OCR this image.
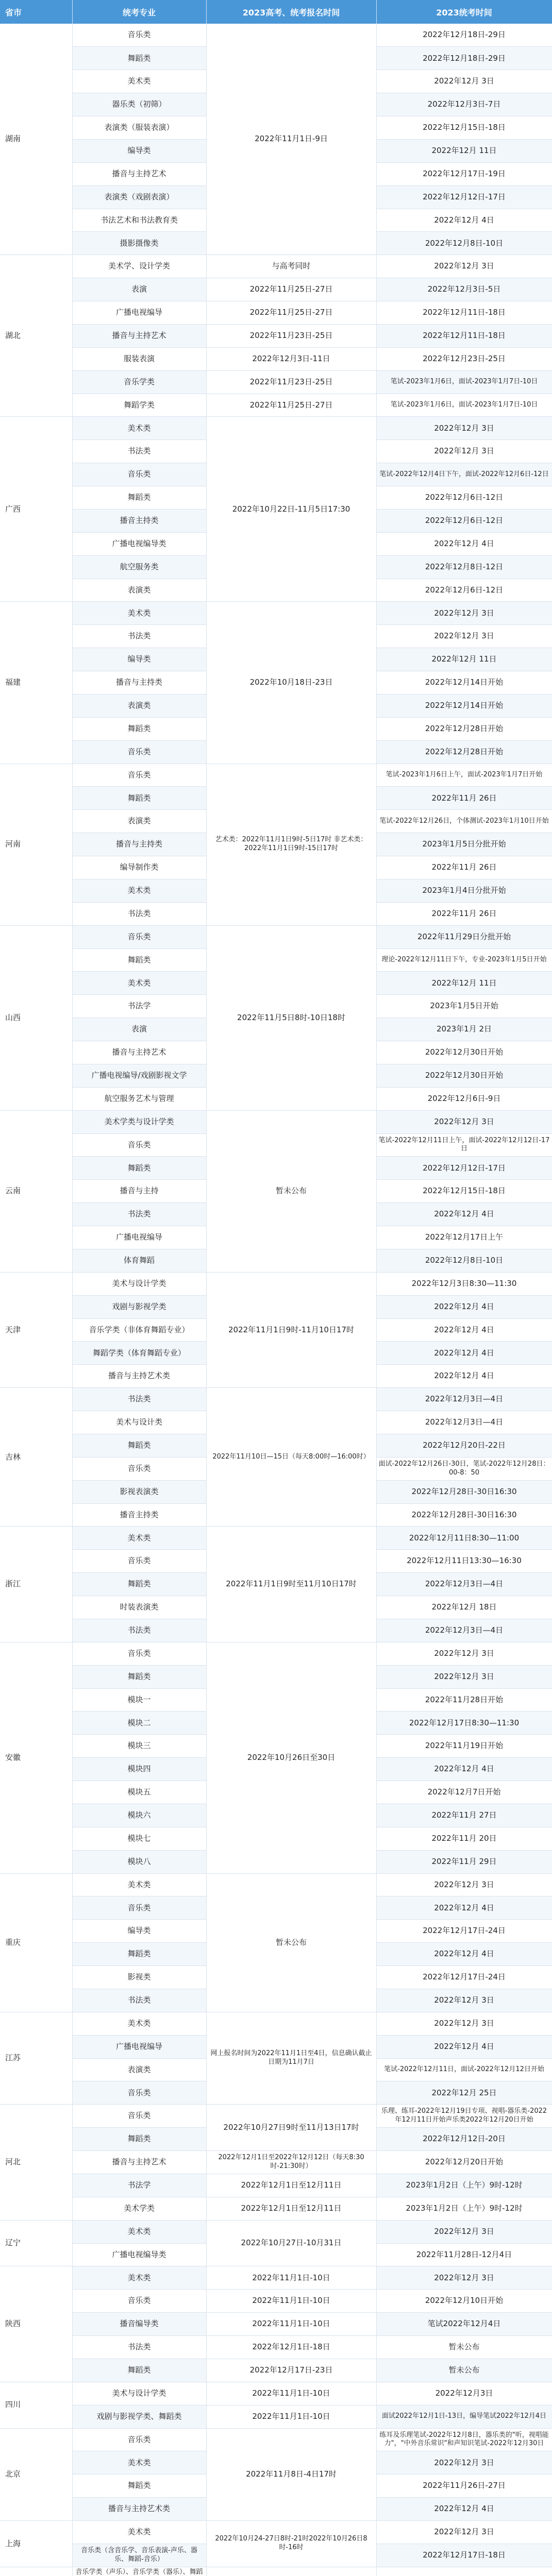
省市	统考专业	2023高考、统考报名时间	2023统考时间
湖南	音乐类	2022年11月1日-9日	2022年12月18日-29日
	舞蹈类		2022年12月18日-29日
	美术类		2022年12月 3日
	器乐类（初筛）		2022年12月3日-7日
	表演类（服装表演）		2022年12月15日-18日
	编导类		2022年12月 11日
	播音与主持艺术		2022年12月17日-19日
	表演类（戏剧表演）		2022年12月12日-17日
	书法艺术和书法教育类		2022年12月 4日
	摄影摄像类		2022年12月8日-10日
湖北	美术学、设计学类	与高考同时	2022年12月 3日
	表演	2022年11月25日-27日	2022年12月3日-5日
	广播电视编导	2022年11月25日-27日	2022年12月11日-18日
	播音与主持艺术	2022年11月23日-25日	2022年12月11日-18日
	服装表演	2022年12月3日-11日	2022年12月23日-25日
	音乐学类	2022年11月23日-25日	笔试-2023年1月6日，面试-2023年1月7日-10日
	舞蹈学类	2022年11月25日-27日	笔试-2023年1月6日，面试-2023年1月7日-10日
广西	美术类	2022年10月22日-11月5日17:30	2022年12月 3日
	书法类		2022年12月 3日
	音乐类		笔试-2022年12月4日下午，面试-2022年12月6日-12日
	舞蹈类		2022年12月6日-12日
	播音主持类		2022年12月6日-12日
	广播电视编导类		2022年12月 4日
	航空服务类		2022年12月8日-12日
	表演类		2022年12月6日-12日
福建	美术类	2022年10月18日-23日	2022年12月 3日
	书法类		2022年12月 3日
	编导类		2022年12月 11日
	播音与主持类		2022年12月14日开始
	表演类		2022年12月14日开始
	舞蹈类		2022年12月28日开始
	音乐类		2022年12月28日开始
河南	音乐类	艺术类：2022年11月1日9时-5日17时 非艺术类：2022年11月1日9时-15日17时	笔试-2023年1月6日上午，面试-2023年1月7日开始
	舞蹈类		2022年11月 26日
	表演类		笔试-2022年12月26日，个体测试-2023年1月10日开始
	播音与主持类		2023年1月5日分批开始
	编导制作类		2022年11月 26日
	美术类		2023年1月4日分批开始
	书法类		2022年11月 26日
山西	音乐类	2022年11月5日8时-10日18时	2022年11月29日分批开始
	舞蹈类		理论-2022年12月11日下午，专业-2023年1月5日开始
	美术类		2022年12月 11日
	书法学		2023年1月5日开始
	表演		2023年1月 2日
	播音与主持艺术		2022年12月30日开始
	广播电视编导/戏剧影视文学		2022年12月30日开始
	航空服务艺术与管理		2022年12月6日-9日
云南	美术学类与设计学类	暂未公布	2022年12月 3日
	音乐类		笔试-2022年12月11日上午，面试-2022年12月12日-17日
	舞蹈类		2022年12月12日-17日
	播音与主持		2022年12月15日-18日
	书法类		2022年12月 4日
	广播电视编导		2022年12月17日上午
	体育舞蹈		2022年12月8日-10日
天津	美术与设计学类	2022年11月1日9时-11月10日17时	2022年12月3日8:30—11:30
	戏剧与影视学类		2022年12月 4日
	音乐学类（非体育舞蹈专业）		2022年12月 4日
	舞蹈学类（体育舞蹈专业）		2022年12月 4日
	播音与主持艺术类		2022年12月 4日
吉林	书法类	2022年11月10日—15日（每天8:00时—16:00时）	2022年12月3日—4日
	美术与设计类		2022年12月3日—4日
	舞蹈类		2022年12月20日-22日
	音乐类		面试-2022年12月26日-30日，笔试-2022年12月28日：00-8：50
	影视表演类		2022年12月28日-30日16:30
	播音主持类		2022年12月28日-30日16:30
浙江	美术类	2022年11月1日9时至11月10日17时	2022年12月11日8:30—11:00
	音乐类		2022年12月11日13:30—16:30
	舞蹈类		2022年12月3日—4日
	时装表演类		2022年12月 18日
	书法类		2022年12月3日—4日
安徽	音乐类	2022年10月26日至30日	2022年12月 3日
	舞蹈类		2022年12月 3日
	模块一		2022年11月28日开始
	模块二		2022年12月17日8:30—11:30
	模块三		2022年11月19日开始
	模块四		2022年12月 4日
	模块五		2022年12月7日开始
	模块六		2022年11月 27日
	模块七		2022年11月 20日
	模块八		2022年11月 29日
重庆	美术类	暂未公布	2022年12月 3日
	音乐类		2022年12月 4日
	编导类		2022年12月17日-24日
	舞蹈类		2022年12月 4日
	影视类		2022年12月17日-24日
	书法类		2022年12月 3日
江苏	美术类	网上报名时间为2022年11月1日至4日，信息确认截止日期为11月7日	2022年12月 3日
	广播电视编导		2022年12月 4日
	表演类		笔试-2022年12月11日，面试-2022年12月12日开始
	音乐类		2022年12月 25日
河北	音乐类	2022年10月27日9时至11月13日17时	乐理、练耳-2022年12月19日专项、视唱-器乐类-2022年12月11日开始声乐类2022年12月20日开始
	舞蹈类		2022年12月12日-20日
	播音与主持艺术	2022年12月1日至2022年12月12日（每天8:30时-21:30时）	2022年12月20日开始
	书法学	2022年12月1日至12月11日	2023年1月2日（上午）9时-12时
	美术学类	2022年12月1日至12月11日	2023年1月2日（上午）9时-12时
辽宁	美术类	2022年10月27日-10月31日	2022年12月 3日
	广播电视编导类		2022年11月28日-12月4日
陕西	美术类	2022年11月1日-10日	2022年12月 3日
	音乐类	2022年11月1日-10日	2022年12月10日开始
	播音编导类	2022年11月1日-10日	笔试2022年12月4日
	书法类	2022年12月1日-18日	暂未公布
	舞蹈类	2022年12月17日-23日	暂未公布
四川	美术与设计学类	2022年11月1日-10日	2022年12月3日
	戏剧与影视学类、舞蹈类	2022年11月1日-10日	面试2022年12月1日-13日，编导笔试2022年12月4日
北京	音乐类	2022年11月8日-4日17时	练耳及乐理笔试-2022年12月8日，器乐类的"听，视唱能力"，"中外音乐常识"和声知识笔试-2022年12月30日
	美术类		2022年12月 3日
	舞蹈类		2022年11月26日-27日
	播音与主持艺术类		2022年12月 4日
上海	美术类	2022年10月24-27日8时-21时2022年10月26日8时-16时	2022年12月 3日
	音乐类（含音乐学、音乐表演-声乐、器乐、舞蹈-音乐）		2022年12月17日-18日
	音乐学类（声乐）、音乐学类（器乐）、舞蹈		
